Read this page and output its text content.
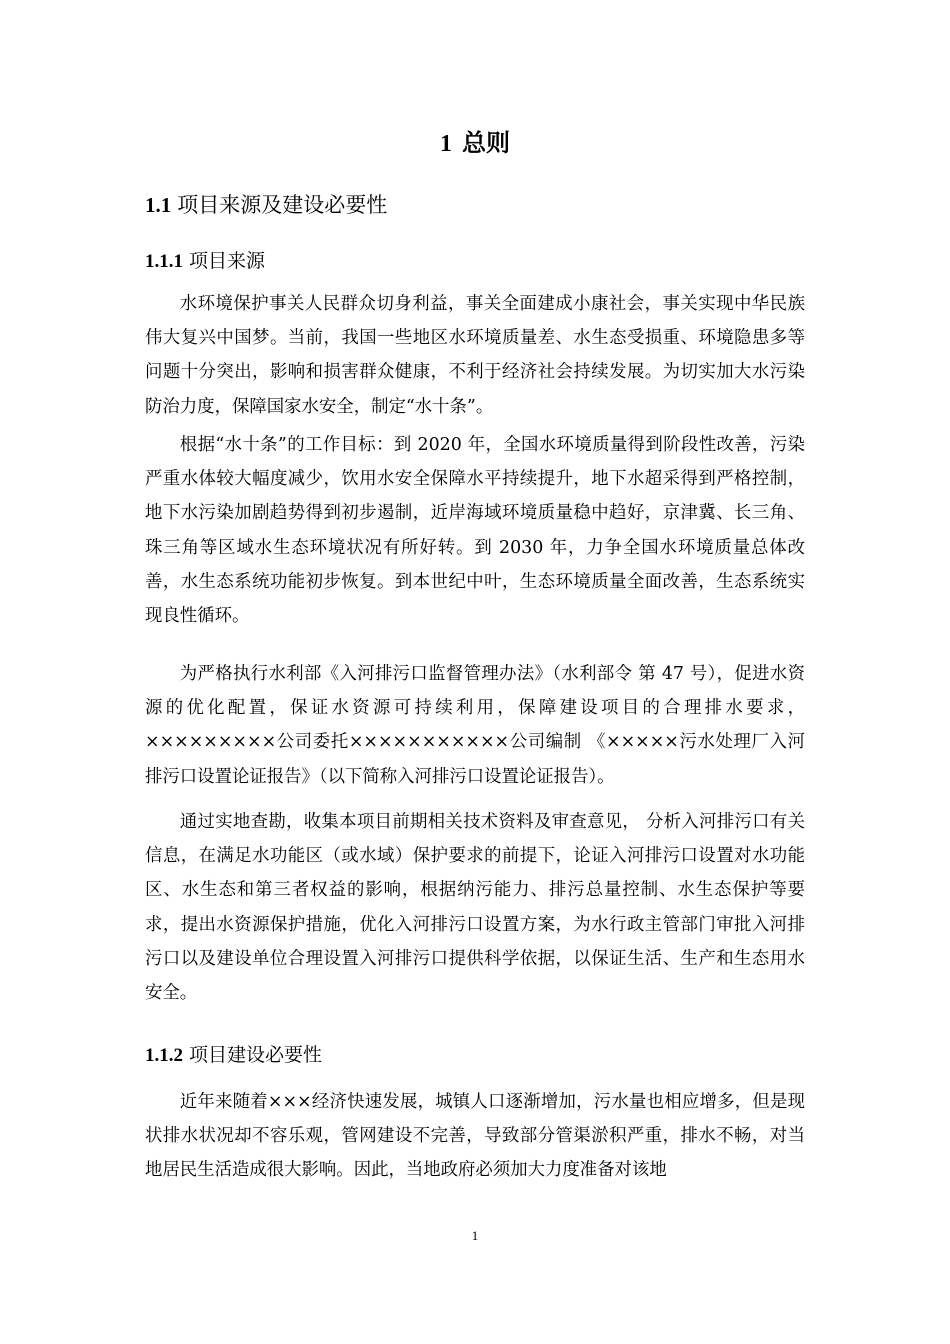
1 总则
1.1 项目来源及建设必要性
1.1.1 项目来源

水环境保护事关人民群众切身利益，事关全面建成小康社会，事关实现中华民族伟大复兴中国梦。当前，我国一些地区水环境质量差、水生态受损重、环境隐患多等问题十分突出，影响和损害群众健康，不利于经济社会持续发展。为切实加大水污染防治力度，保障国家水安全，制定“水十条”。

根据“水十条”的工作目标：到 2020 年，全国水环境质量得到阶段性改善，污染严重水体较大幅度减少，饮用水安全保障水平持续提升，地下水超采得到严格控制，地下水污染加剧趋势得到初步遏制，近岸海域环境质量稳中趋好，京津冀、长三角、珠三角等区域水生态环境状况有所好转。到 2030 年，力争全国水环境质量总体改善，水生态系统功能初步恢复。到本世纪中叶，生态环境质量全面改善，生态系统实现良性循环。

为严格执行水利部《入河排污口监督管理办法》（水利部令 第 47 号），促进水资源的优化配置，保证水资源可持续利用，保障建设项目的合理排水要求，×××××××××公司委托×××××××××××公司编制 《×××××污水处理厂入河排污口设置论证报告》（以下简称入河排污口设置论证报告）。

通过实地查勘，收集本项目前期相关技术资料及审查意见， 分析入河排污口有关信息，在满足水功能区（或水域）保护要求的前提下，论证入河排污口设置对水功能区、水生态和第三者权益的影响，根据纳污能力、排污总量控制、水生态保护等要求，提出水资源保护措施，优化入河排污口设置方案，为水行政主管部门审批入河排污口以及建设单位合理设置入河排污口提供科学依据，以保证生活、生产和生态用水安全。

1.1.2 项目建设必要性

近年来随着×××经济快速发展，城镇人口逐渐增加，污水量也相应增多，但是现状排水状况却不容乐观，管网建设不完善，导致部分管渠淤积严重，排水不畅，对当地居民生活造成很大影响。因此，当地政府必须加大力度准备对该地

1
